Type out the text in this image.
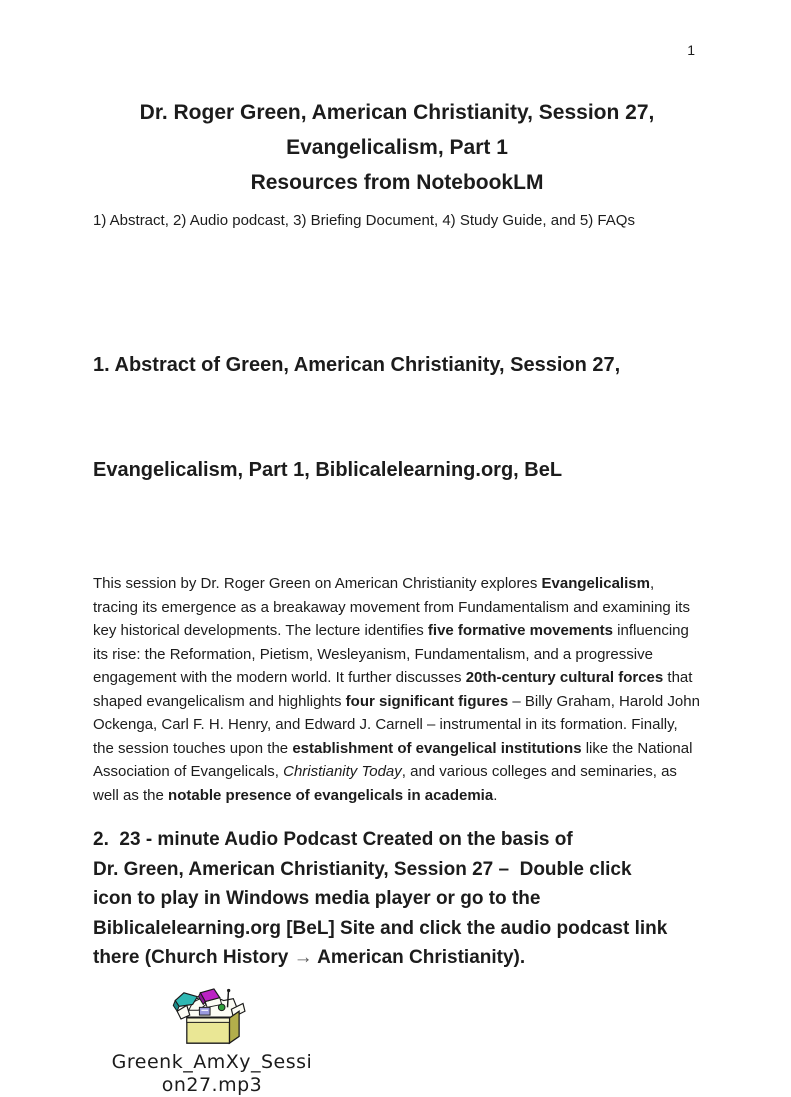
1
Dr. Roger Green, American Christianity, Session 27,
Evangelicalism, Part 1
Resources from NotebookLM

1) Abstract, 2) Audio podcast, 3) Briefing Document, 4) Study Guide, and 5) FAQs

1. Abstract of Green, American Christianity, Session 27,

Evangelicalism, Part 1, Biblicalelearning.org, BeL

This session by Dr. Roger Green on American Christianity explores Evangelicalism, tracing its emergence as a breakaway movement from Fundamentalism and examining its key historical developments. The lecture identifies five formative movements influencing its rise: the Reformation, Pietism, Wesleyanism, Fundamentalism, and a progressive engagement with the modern world. It further discusses 20th-century cultural forces that shaped evangelicalism and highlights four significant figures – Billy Graham, Harold John Ockenga, Carl F. H. Henry, and Edward J. Carnell – instrumental in its formation. Finally, the session touches upon the establishment of evangelical institutions like the National Association of Evangelicals, Christianity Today, and various colleges and seminaries, as well as the notable presence of evangelicals in academia.

2.  23 - minute Audio Podcast Created on the basis of
Dr. Green, American Christianity, Session 27 –  Double click
icon to play in Windows media player or go to the
Biblicalelearning.org [BeL] Site and click the audio podcast link
there (Church History → American Christianity).
Greenk_AmXy_Sessi
on27.mp3
